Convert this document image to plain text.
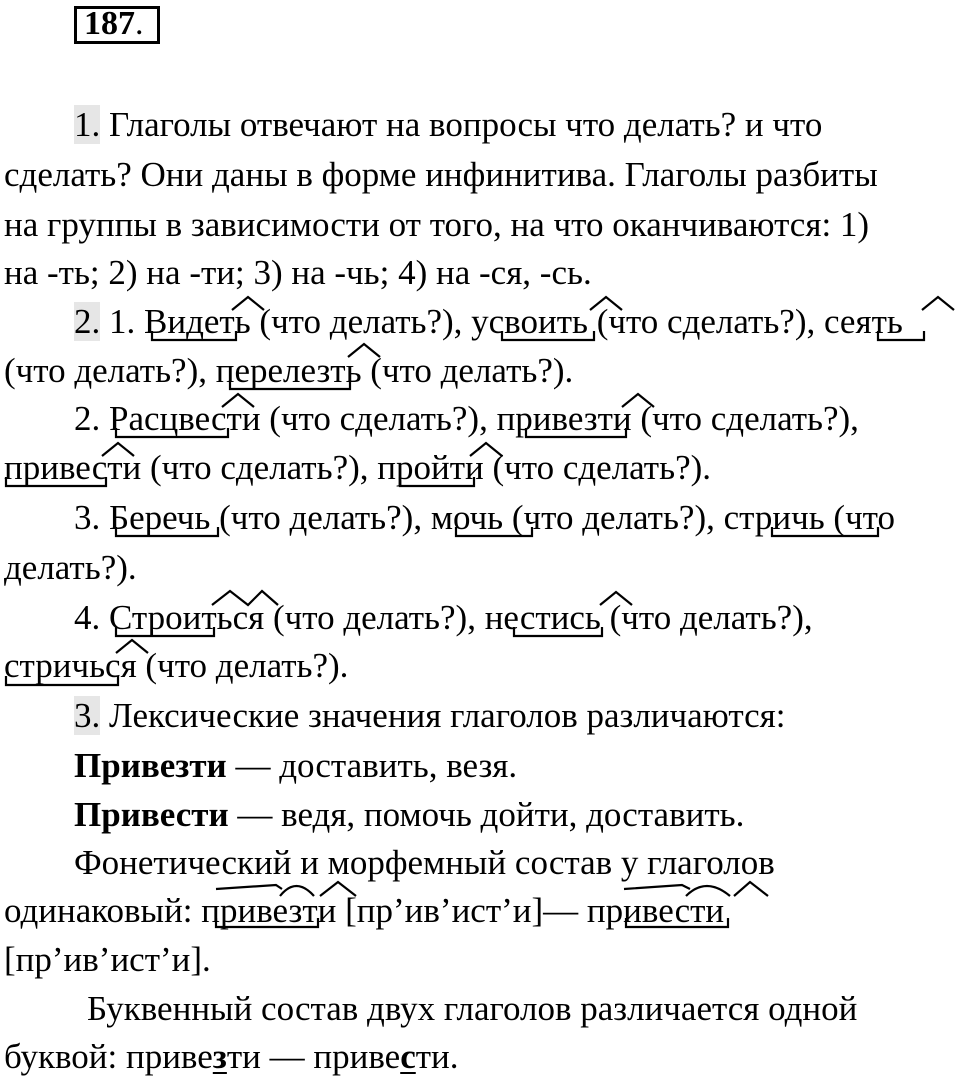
187.
1. Глаголы отвечают на вопросы что делать? и что
сделать? Они даны в форме инфинитива. Глаголы разбиты
на группы в зависимости от того, на что оканчиваются: 1)
на -ть; 2) на -ти; 3) на -чь; 4) на -ся, -сь.
2. 1. Видеть (что делать?), усвоить (что сделать?), сеять
(что делать?), перелезть (что делать?).
2. Расцвести (что сделать?), привезти (что сделать?),
привести (что сделать?), пройти (что сделать?).
3. Беречь (что делать?), мочь (что делать?), стричь (что
делать?).
4. Строиться (что делать?), нестись (что делать?),
стричься (что делать?).
3. Лексические значения глаголов различаются:
Привезти — доставить, везя.
Привести — ведя, помочь дойти, доставить.
Фонетический и морфемный состав у глаголов
одинаковый: привезти [пр’ив’ист’и]— привести
[пр’ив’ист’и].
Буквенный состав двух глаголов различается одной
буквой: привезти — привести.
